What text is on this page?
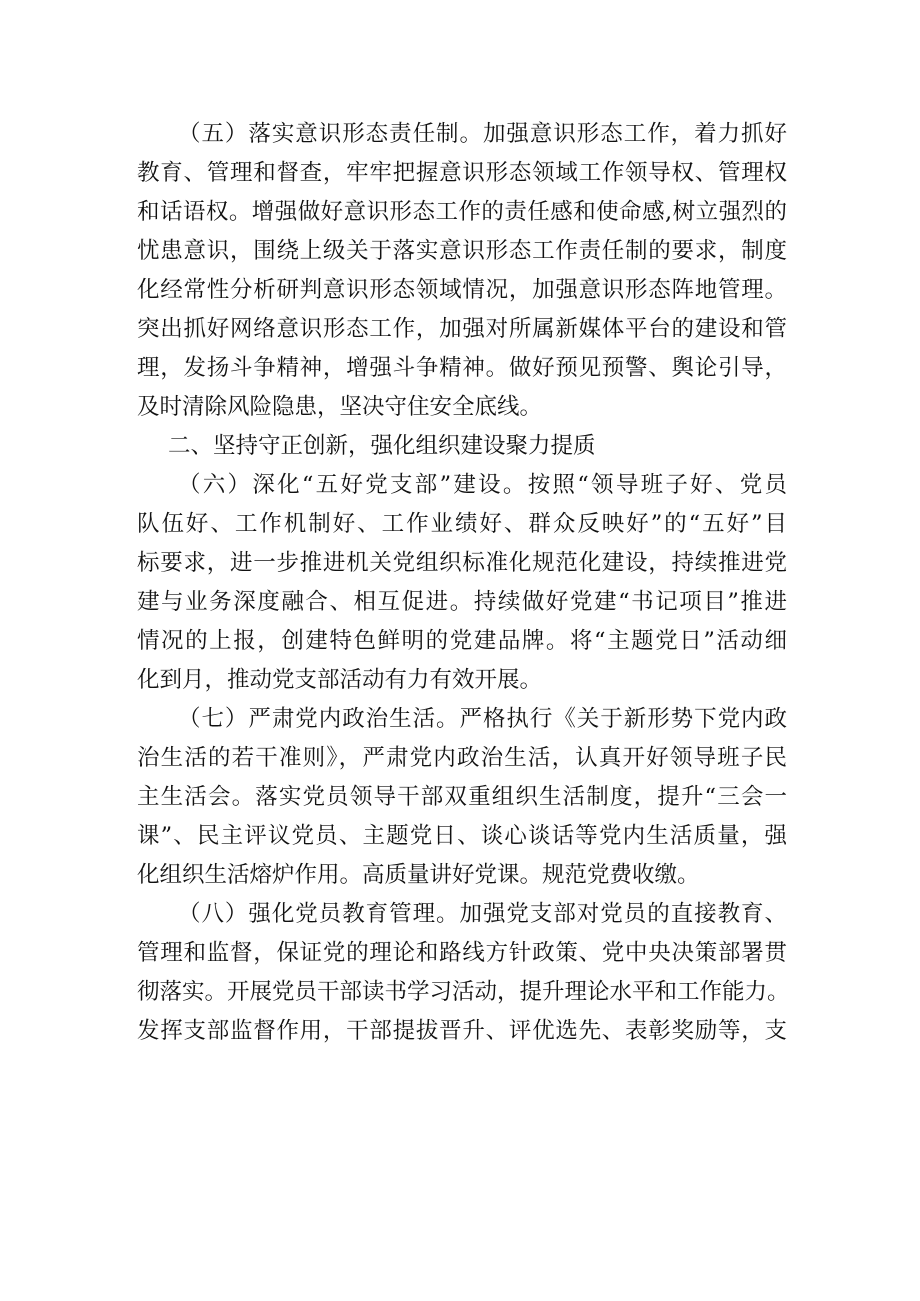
（五）落实意识形态责任制。加强意识形态工作，着力抓好
教育、管理和督查，牢牢把握意识形态领域工作领导权、管理权
和话语权。增强做好意识形态工作的责任感和使命感,树立强烈的
忧患意识，围绕上级关于落实意识形态工作责任制的要求，制度
化经常性分析研判意识形态领域情况，加强意识形态阵地管理。
突出抓好网络意识形态工作，加强对所属新媒体平台的建设和管
理，发扬斗争精神，增强斗争精神。做好预见预警、舆论引导，
及时清除风险隐患，坚决守住安全底线。
二、坚持守正创新，强化组织建设聚力提质
（六）深化“五好党支部”建设。按照“领导班子好、党员
队伍好、工作机制好、工作业绩好、群众反映好”的“五好”目
标要求，进一步推进机关党组织标准化规范化建设，持续推进党
建与业务深度融合、相互促进。持续做好党建“书记项目”推进
情况的上报，创建特色鲜明的党建品牌。将“主题党日”活动细
化到月，推动党支部活动有力有效开展。
（七）严肃党内政治生活。严格执行《关于新形势下党内政
治生活的若干准则》，严肃党内政治生活，认真开好领导班子民
主生活会。落实党员领导干部双重组织生活制度，提升“三会一
课”、民主评议党员、主题党日、谈心谈话等党内生活质量，强
化组织生活熔炉作用。高质量讲好党课。规范党费收缴。
（八）强化党员教育管理。加强党支部对党员的直接教育、
管理和监督，保证党的理论和路线方针政策、党中央决策部署贯
彻落实。开展党员干部读书学习活动，提升理论水平和工作能力。
发挥支部监督作用，干部提拔晋升、评优选先、表彰奖励等，支
